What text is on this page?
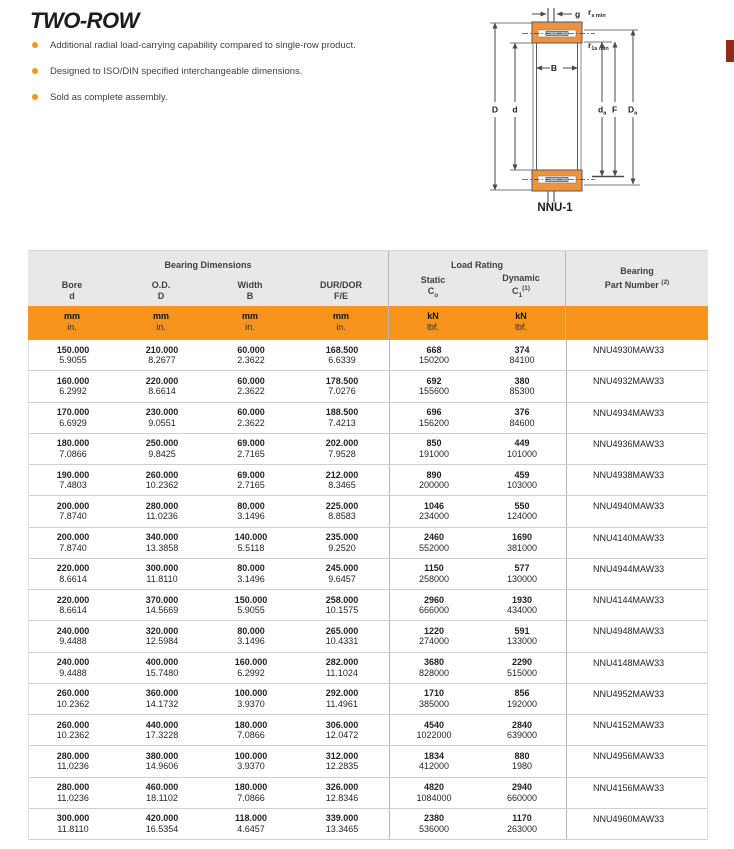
TWO-ROW
Additional radial load-carrying capability compared to single-row product.
Designed to ISO/DIN specified interchangeable dimensions.
Sold as complete assembly.
g $r_{s min}$
$r_{1s min}$
B
D d	$d_a$ F $D_a$
NNU-1
Bearing Dimensions	Load Rating
Bearing
Part Number $^{(2)}$
Bore
d
O.D.
D
Width
B
DUR/DOR
F/E
Static
$C_o$
Dynamic
$C_1^{(1)}$
mm
in.
mm
in.
mm
in.
mm
in.
kN
lbf.
kN
lbf.
150.000
5.9055
210.000
8.2677
60.000
2.3622
168.500
6.6339
668
150200
374
84100
NNU4930MAW33
160.000
6.2992
220.000
8.6614
60.000
2.3622
178.500
7.0276
692
155600
380
85300
NNU4932MAW33
170.000
6.6929
230.000
9.0551
60.000
2.3622
188.500
7.4213
696
156200
376
84600
NNU4934MAW33
180.000
7.0866
250.000
9.8425
69.000
2.7165
202.000
7.9528
850
191000
449
101000
NNU4936MAW33
190.000
7.4803
260.000
10.2362
69.000
2.7165
212.000
8.3465
890
200000
459
103000
NNU4938MAW33
200.000
7.8740
280.000
11.0236
80.000
3.1496
225.000
8.8583
1046
234000
550
124000
NNU4940MAW33
200.000
7.8740
340.000
13.3858
140.000
5.5118
235.000
9.2520
2460
552000
1690
381000
NNU4140MAW33
220.000
8.6614
300.000
11.8110
80.000
3.1496
245.000
9.6457
1150
258000
577
130000
NNU4944MAW33
220.000
8.6614
370.000
14.5669
150.000
5.9055
258.000
10.1575
2960
666000
1930
434000
NNU4144MAW33
240.000
9.4488
320.000
12.5984
80.000
3.1496
265.000
10.4331
1220
274000
591
133000
NNU4948MAW33
240.000
9.4488
400.000
15.7480
160.000
6.2992
282.000
11.1024
3680
828000
2290
515000
NNU4148MAW33
260.000
10.2362
360.000
14.1732
100.000
3.9370
292.000
11.4961
1710
385000
856
192000
NNU4952MAW33
260.000
10.2362
440.000
17.3228
180.000
7.0866
306.000
12.0472
4540
1022000
2840
639000
NNU4152MAW33
280.000
11.0236
380.000
14.9606
100.000
3.9370
312.000
12.2835
1834
412000
880
1980
NNU4956MAW33
280.000
11.0236
460.000
18.1102
180.000
7.0866
326.000
12.8346
4820
1084000
2940
660000
NNU4156MAW33
300.000
11.8110
420.000
16.5354
118.000
4.6457
339.000
13.3465
2380
536000
1170
263000
NNU4960MAW33
